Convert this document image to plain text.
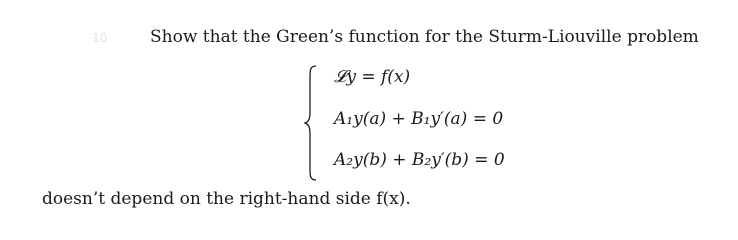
10	Show that the Green’s function for the Sturm-Liouville problem
𝓛y = f(x)
A₁y(a) + B₁y′(a) = 0
A₂y(b) + B₂y′(b) = 0
doesn’t depend on the right-hand side f(x).
